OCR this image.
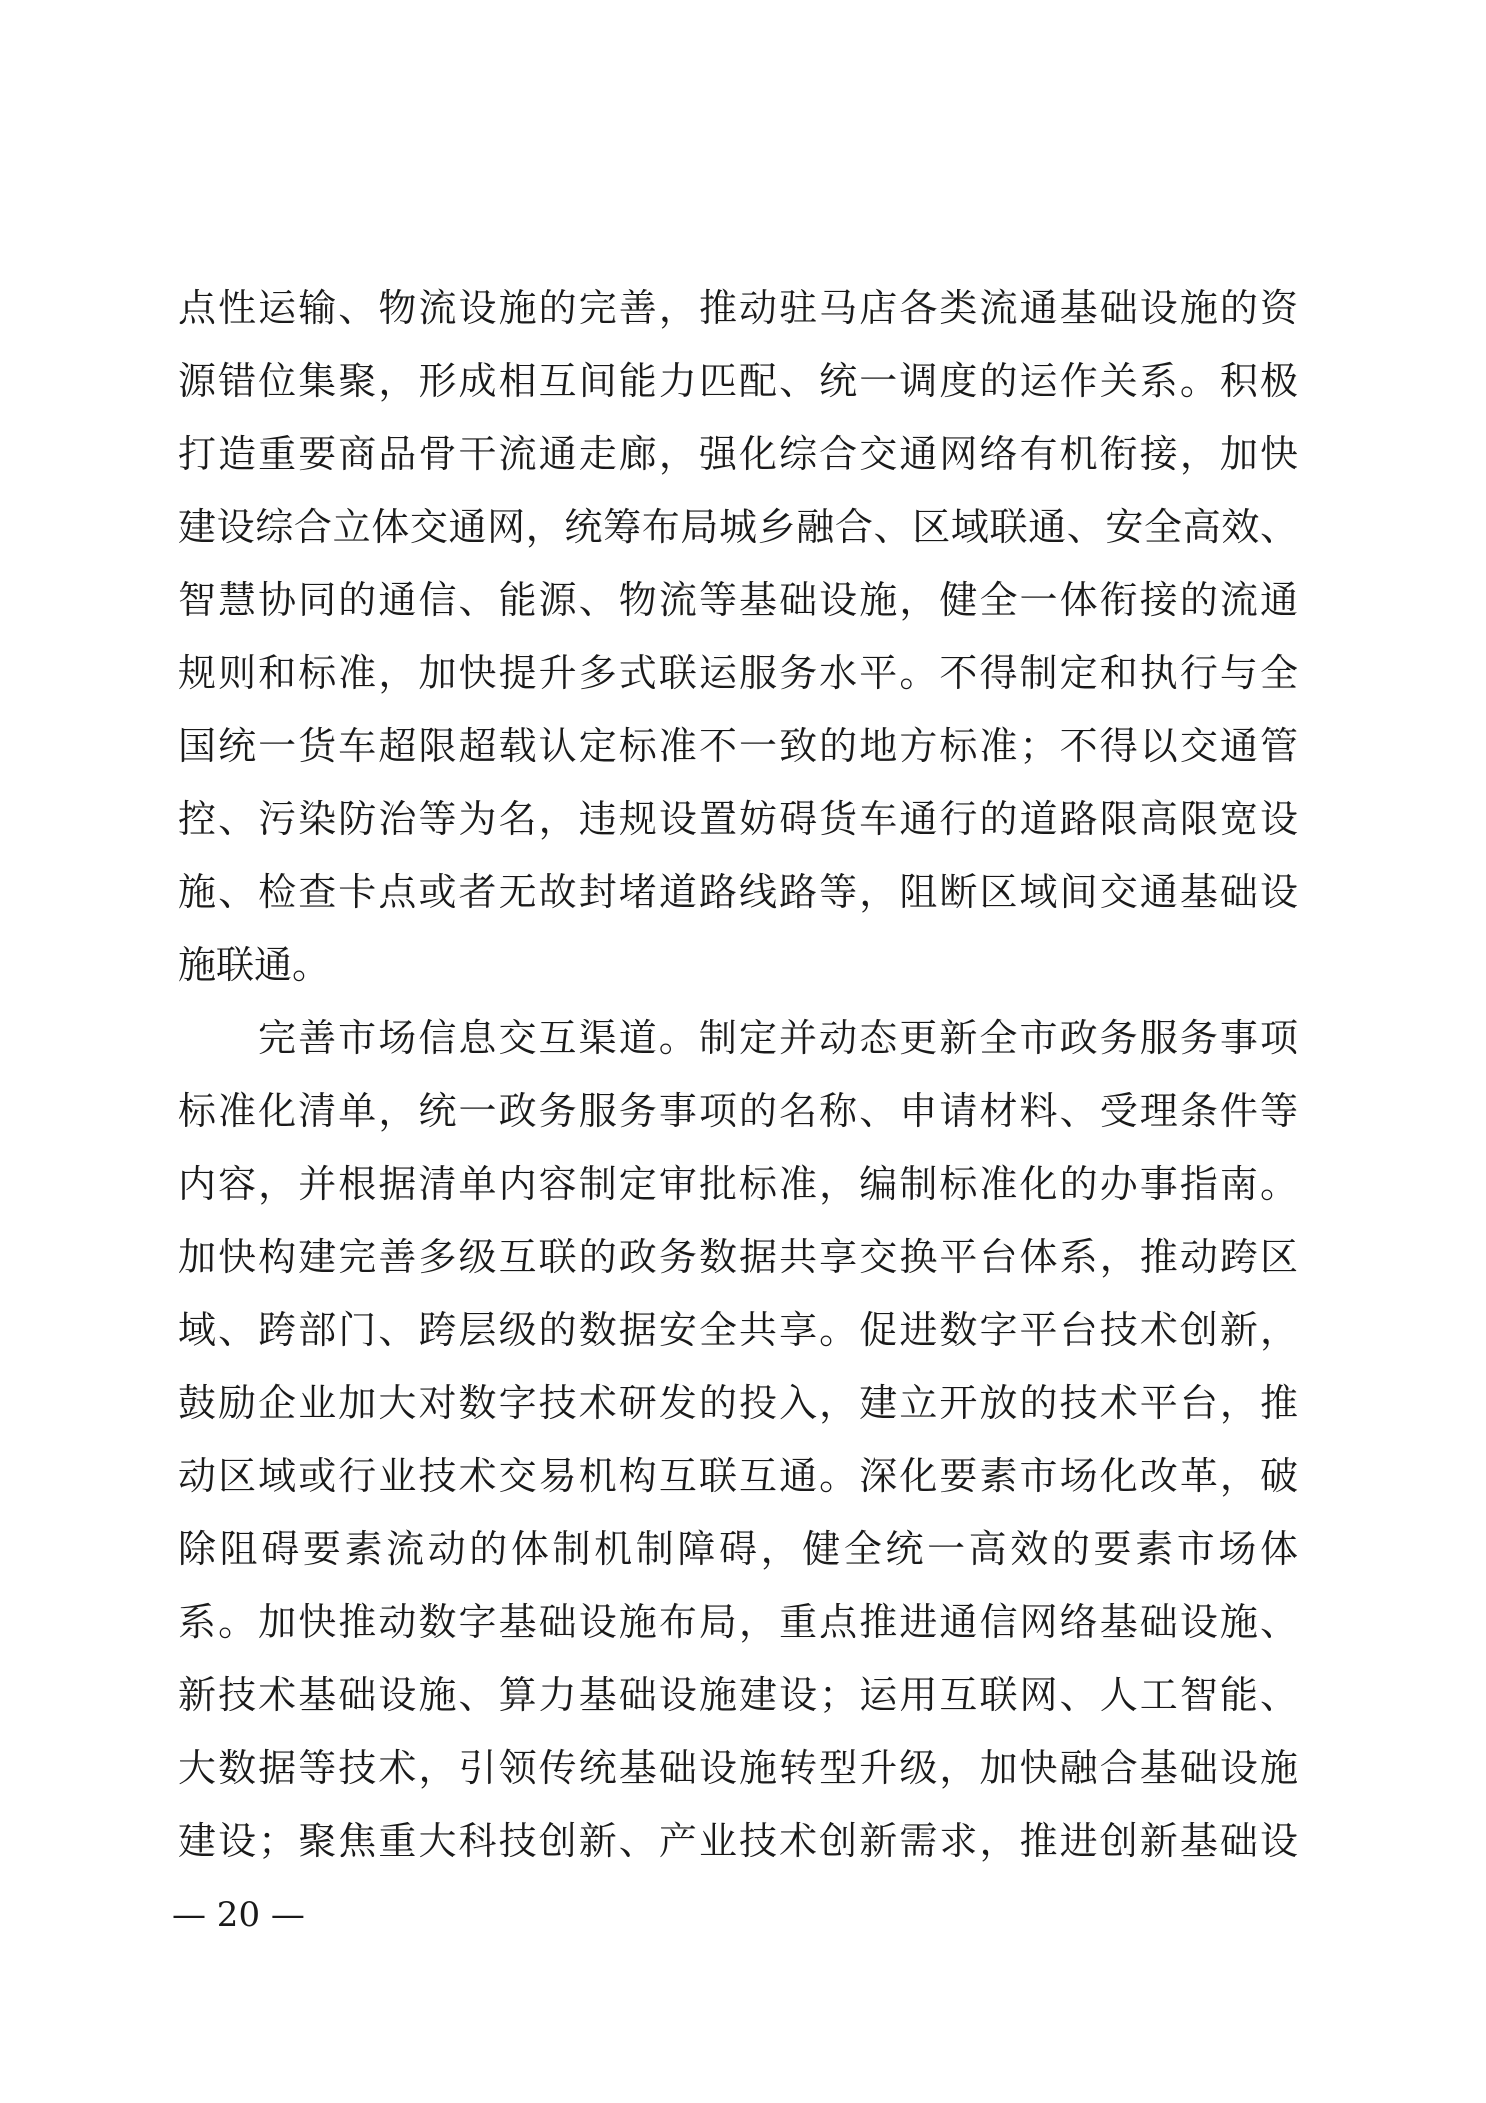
点性运输、物流设施的完善，推动驻马店各类流通基础设施的资
源错位集聚，形成相互间能力匹配、统一调度的运作关系。积极
打造重要商品骨干流通走廊，强化综合交通网络有机衔接，加快
建设综合立体交通网，统筹布局城乡融合、区域联通、安全高效、
智慧协同的通信、能源、物流等基础设施，健全一体衔接的流通
规则和标准，加快提升多式联运服务水平。不得制定和执行与全
国统一货车超限超载认定标准不一致的地方标准；不得以交通管
控、污染防治等为名，违规设置妨碍货车通行的道路限高限宽设
施、检查卡点或者无故封堵道路线路等，阻断区域间交通基础设
施联通。
完善市场信息交互渠道。制定并动态更新全市政务服务事项
标准化清单，统一政务服务事项的名称、申请材料、受理条件等
内容，并根据清单内容制定审批标准，编制标准化的办事指南。
加快构建完善多级互联的政务数据共享交换平台体系，推动跨区
域、跨部门、跨层级的数据安全共享。促进数字平台技术创新，
鼓励企业加大对数字技术研发的投入，建立开放的技术平台，推
动区域或行业技术交易机构互联互通。深化要素市场化改革，破
除阻碍要素流动的体制机制障碍，健全统一高效的要素市场体
系。加快推动数字基础设施布局，重点推进通信网络基础设施、
新技术基础设施、算力基础设施建设；运用互联网、人工智能、
大数据等技术，引领传统基础设施转型升级，加快融合基础设施
建设；聚焦重大科技创新、产业技术创新需求，推进创新基础设
— 20 —
